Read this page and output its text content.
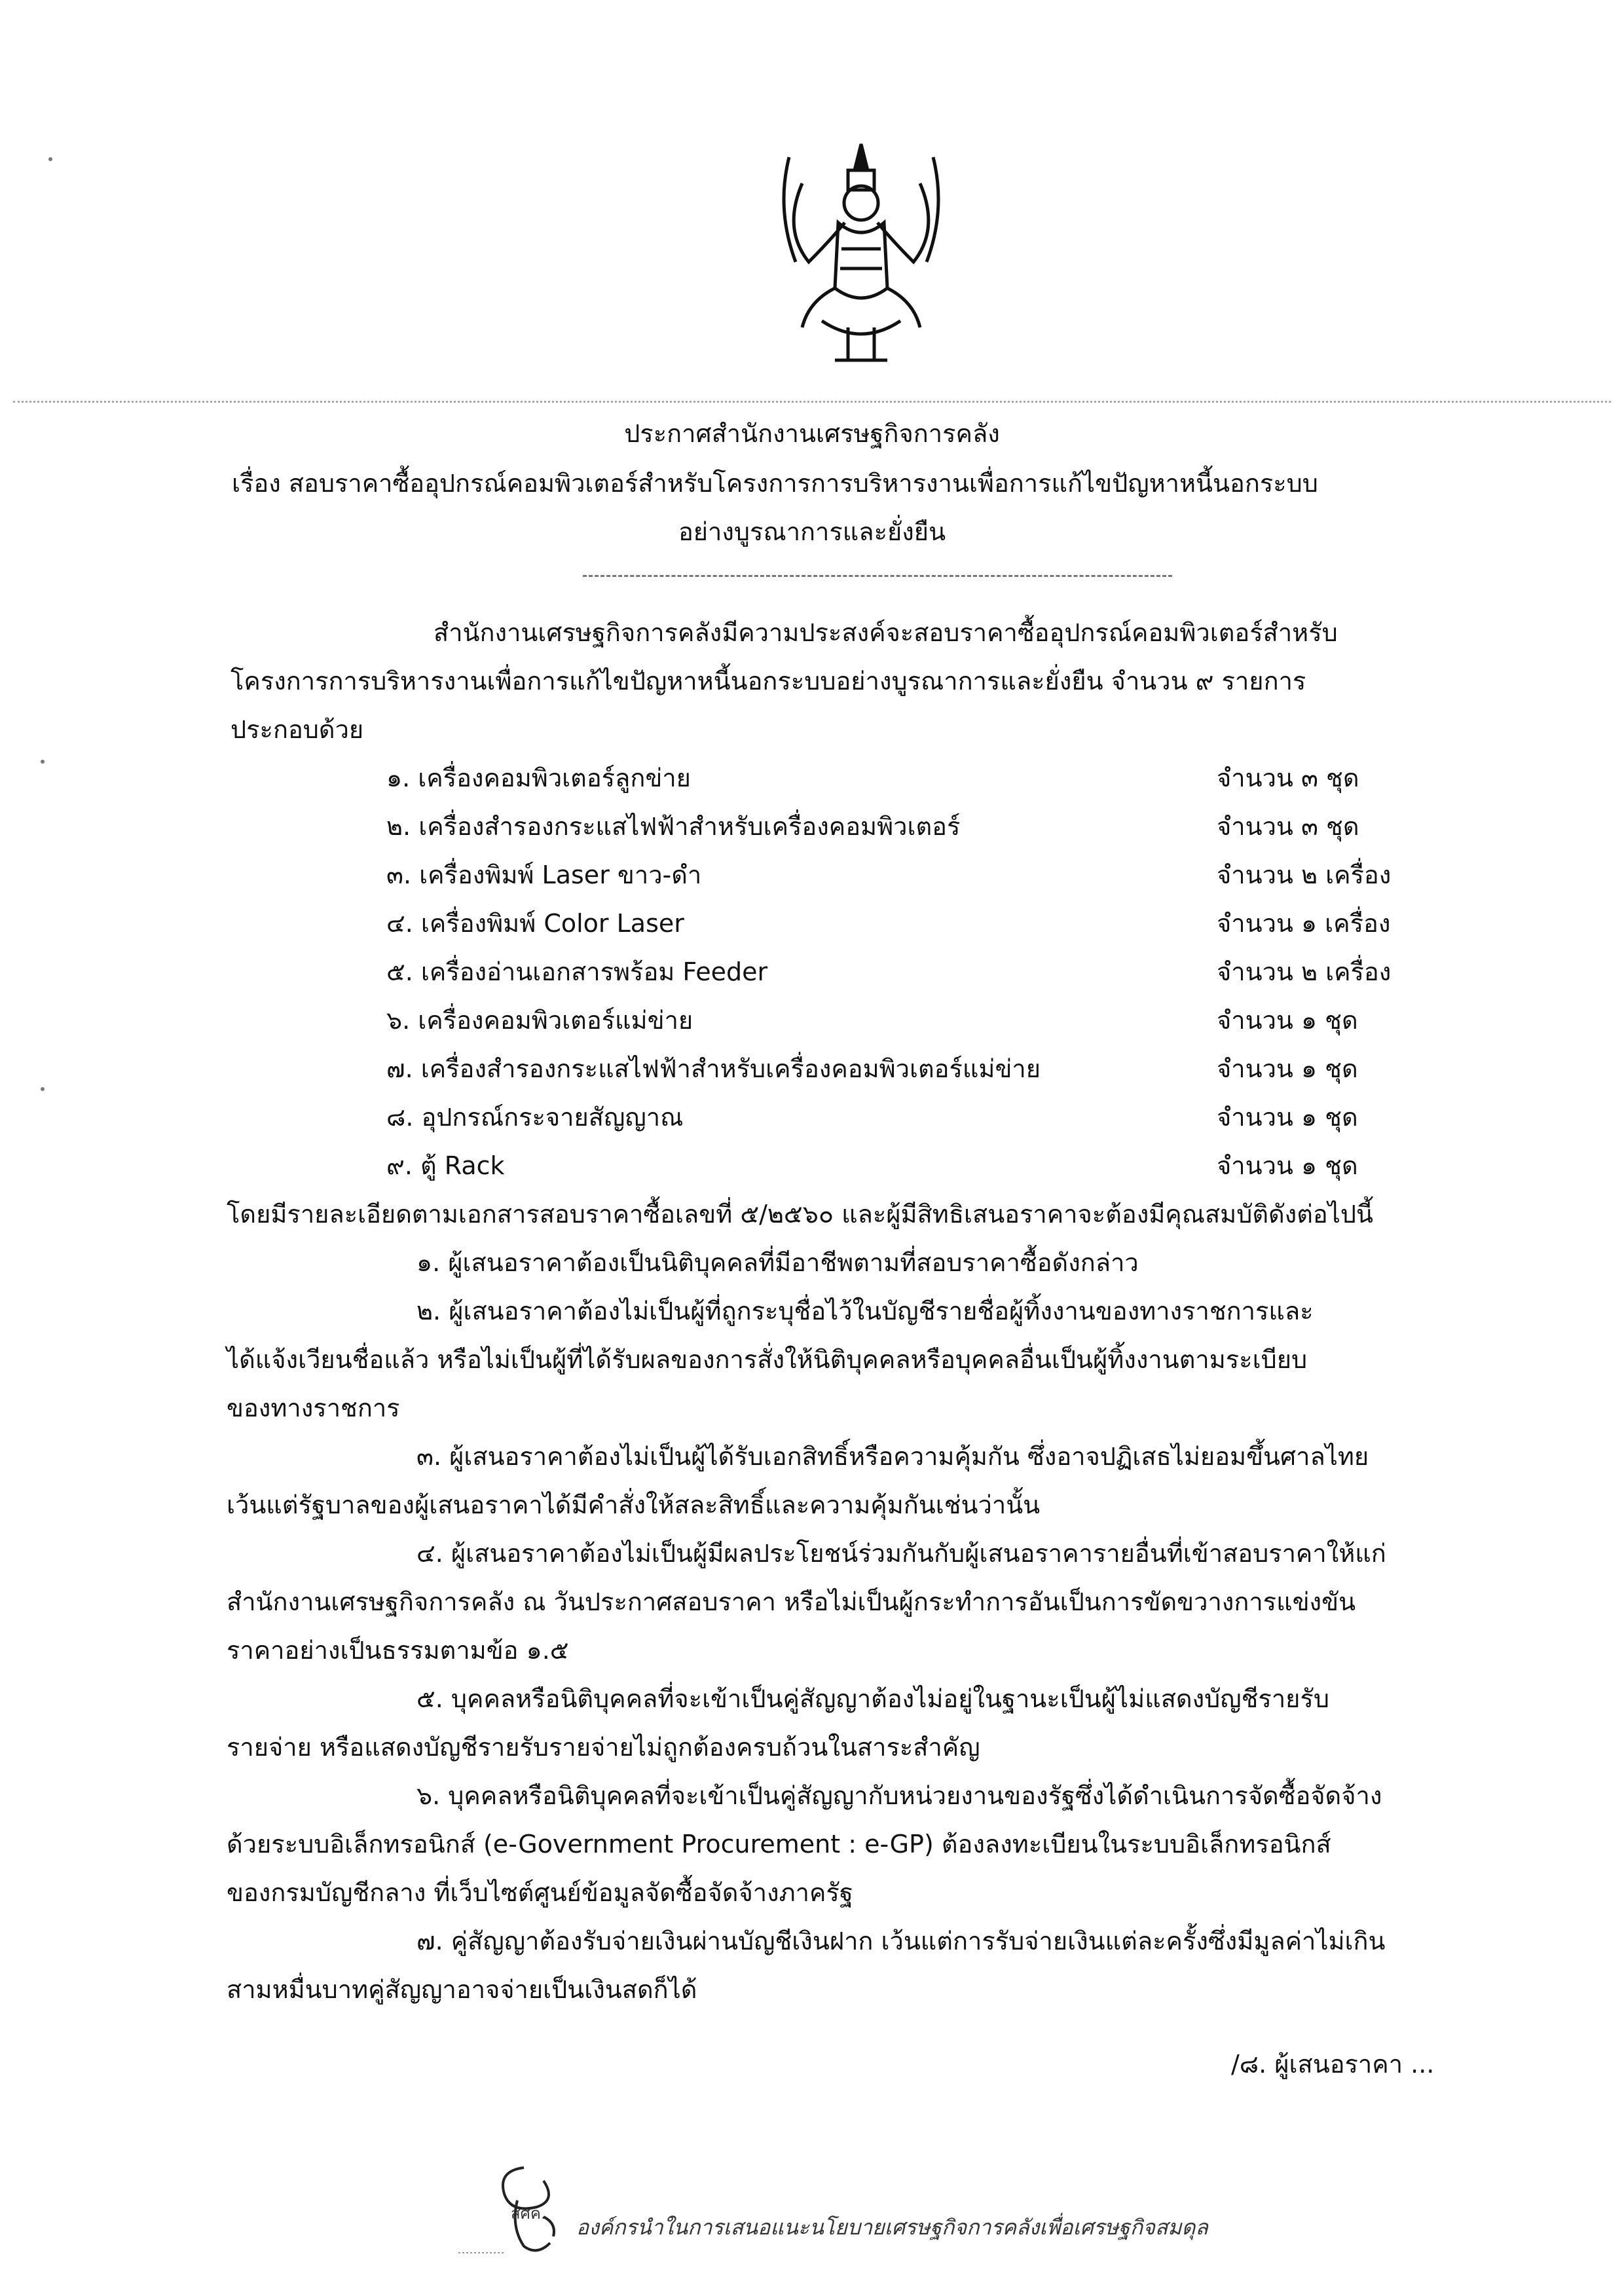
ประกาศสำนักงานเศรษฐกิจการคลัง
เรื่อง สอบราคาซื้ออุปกรณ์คอมพิวเตอร์สำหรับโครงการการบริหารงานเพื่อการแก้ไขปัญหาหนี้นอกระบบ
อย่างบูรณาการและยั่งยืน
สำนักงานเศรษฐกิจการคลังมีความประสงค์จะสอบราคาซื้ออุปกรณ์คอมพิวเตอร์สำหรับ
โครงการการบริหารงานเพื่อการแก้ไขปัญหาหนี้นอกระบบอย่างบูรณาการและยั่งยืน จำนวน ๙ รายการ
ประกอบด้วย
๑. เครื่องคอมพิวเตอร์ลูกข่าย	จำนวน ๓ ชุด
๒. เครื่องสำรองกระแสไฟฟ้าสำหรับเครื่องคอมพิวเตอร์	จำนวน ๓ ชุด
๓. เครื่องพิมพ์ Laser ขาว-ดำ	จำนวน ๒ เครื่อง
๔. เครื่องพิมพ์ Color Laser	จำนวน ๑ เครื่อง
๕. เครื่องอ่านเอกสารพร้อม Feeder	จำนวน ๒ เครื่อง
๖. เครื่องคอมพิวเตอร์แม่ข่าย	จำนวน ๑ ชุด
๗. เครื่องสำรองกระแสไฟฟ้าสำหรับเครื่องคอมพิวเตอร์แม่ข่าย	จำนวน ๑ ชุด
๘. อุปกรณ์กระจายสัญญาณ	จำนวน ๑ ชุด
๙. ตู้ Rack	จำนวน ๑ ชุด
โดยมีรายละเอียดตามเอกสารสอบราคาซื้อเลขที่ ๕/๒๕๖๐ และผู้มีสิทธิเสนอราคาจะต้องมีคุณสมบัติดังต่อไปนี้
๑. ผู้เสนอราคาต้องเป็นนิติบุคคลที่มีอาชีพตามที่สอบราคาซื้อดังกล่าว
๒. ผู้เสนอราคาต้องไม่เป็นผู้ที่ถูกระบุชื่อไว้ในบัญชีรายชื่อผู้ทิ้งงานของทางราชการและ
ได้แจ้งเวียนชื่อแล้ว หรือไม่เป็นผู้ที่ได้รับผลของการสั่งให้นิติบุคคลหรือบุคคลอื่นเป็นผู้ทิ้งงานตามระเบียบ
ของทางราชการ
๓. ผู้เสนอราคาต้องไม่เป็นผู้ได้รับเอกสิทธิ์หรือความคุ้มกัน ซึ่งอาจปฏิเสธไม่ยอมขึ้นศาลไทย
เว้นแต่รัฐบาลของผู้เสนอราคาได้มีคำสั่งให้สละสิทธิ์และความคุ้มกันเช่นว่านั้น
๔. ผู้เสนอราคาต้องไม่เป็นผู้มีผลประโยชน์ร่วมกันกับผู้เสนอราคารายอื่นที่เข้าสอบราคาให้แก่
สำนักงานเศรษฐกิจการคลัง ณ วันประกาศสอบราคา หรือไม่เป็นผู้กระทำการอันเป็นการขัดขวางการแข่งขัน
ราคาอย่างเป็นธรรมตามข้อ ๑.๕
๕. บุคคลหรือนิติบุคคลที่จะเข้าเป็นคู่สัญญาต้องไม่อยู่ในฐานะเป็นผู้ไม่แสดงบัญชีรายรับ
รายจ่าย หรือแสดงบัญชีรายรับรายจ่ายไม่ถูกต้องครบถ้วนในสาระสำคัญ
๖. บุคคลหรือนิติบุคคลที่จะเข้าเป็นคู่สัญญากับหน่วยงานของรัฐซึ่งได้ดำเนินการจัดซื้อจัดจ้าง
ด้วยระบบอิเล็กทรอนิกส์ (e-Government Procurement : e-GP) ต้องลงทะเบียนในระบบอิเล็กทรอนิกส์
ของกรมบัญชีกลาง ที่เว็บไซต์ศูนย์ข้อมูลจัดซื้อจัดจ้างภาครัฐ
๗. คู่สัญญาต้องรับจ่ายเงินผ่านบัญชีเงินฝาก เว้นแต่การรับจ่ายเงินแต่ละครั้งซึ่งมีมูลค่าไม่เกิน
สามหมื่นบาทคู่สัญญาอาจจ่ายเป็นเงินสดก็ได้
/๘. ผู้เสนอราคา ...
สศค.
องค์กรนำในการเสนอแนะนโยบายเศรษฐกิจการคลังเพื่อเศรษฐกิจสมดุล
